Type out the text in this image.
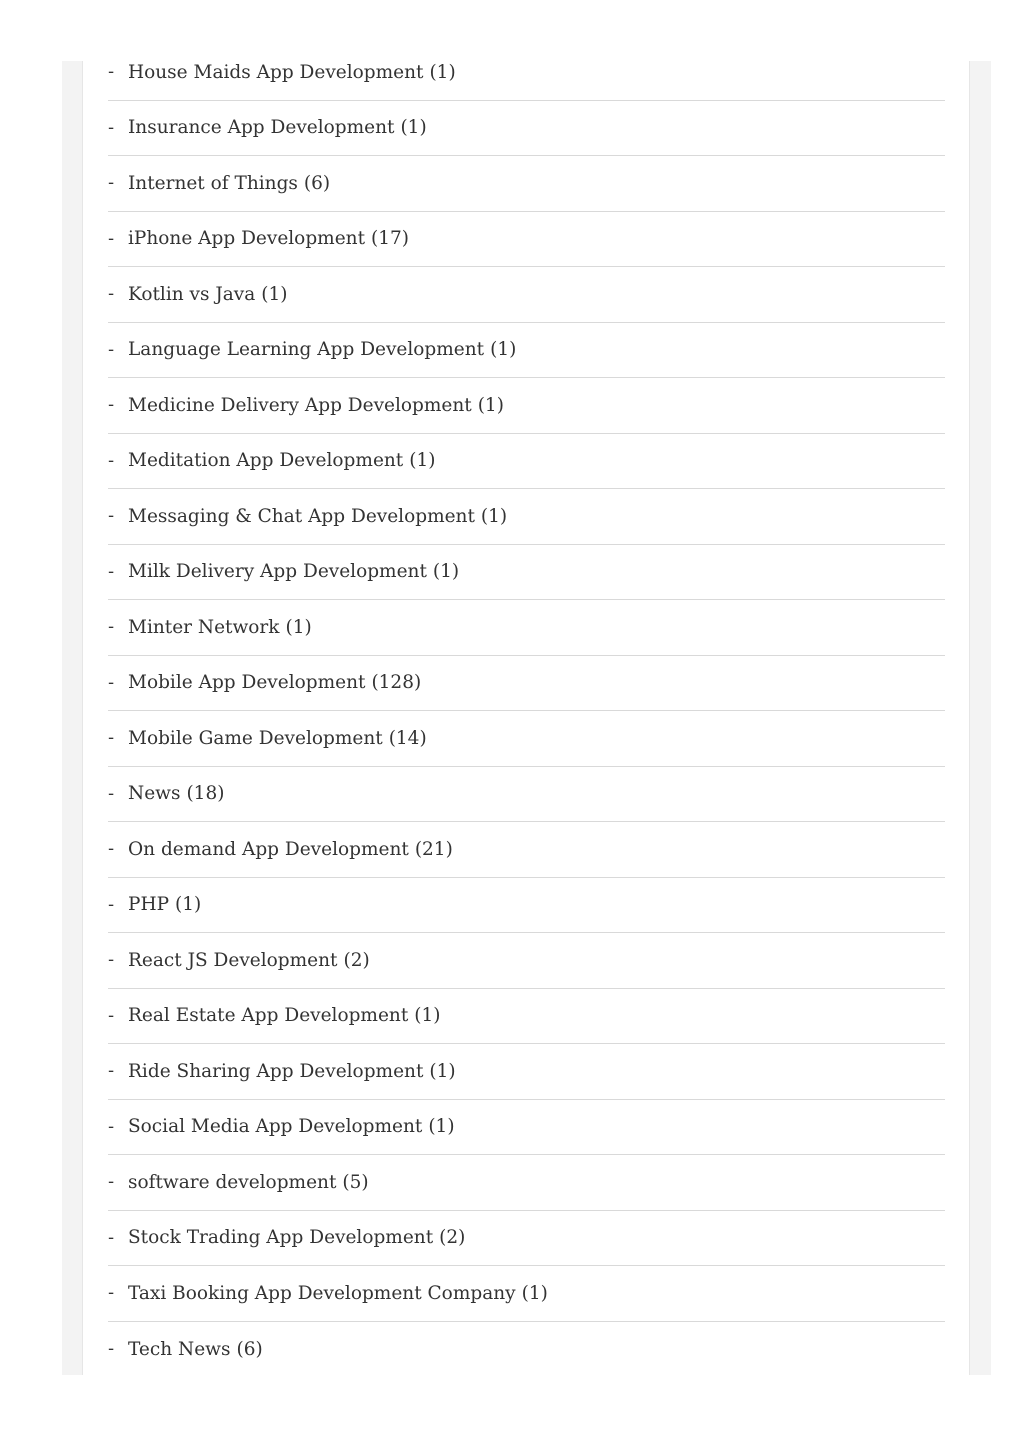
- House Maids App Development (1)
- Insurance App Development (1)
- Internet of Things (6)
- iPhone App Development (17)
- Kotlin vs Java (1)
- Language Learning App Development (1)
- Medicine Delivery App Development (1)
- Meditation App Development (1)
- Messaging & Chat App Development (1)
- Milk Delivery App Development (1)
- Minter Network (1)
- Mobile App Development (128)
- Mobile Game Development (14)
- News (18)
- On demand App Development (21)
- PHP (1)
- React JS Development (2)
- Real Estate App Development (1)
- Ride Sharing App Development (1)
- Social Media App Development (1)
- software development (5)
- Stock Trading App Development (2)
- Taxi Booking App Development Company (1)
- Tech News (6)
